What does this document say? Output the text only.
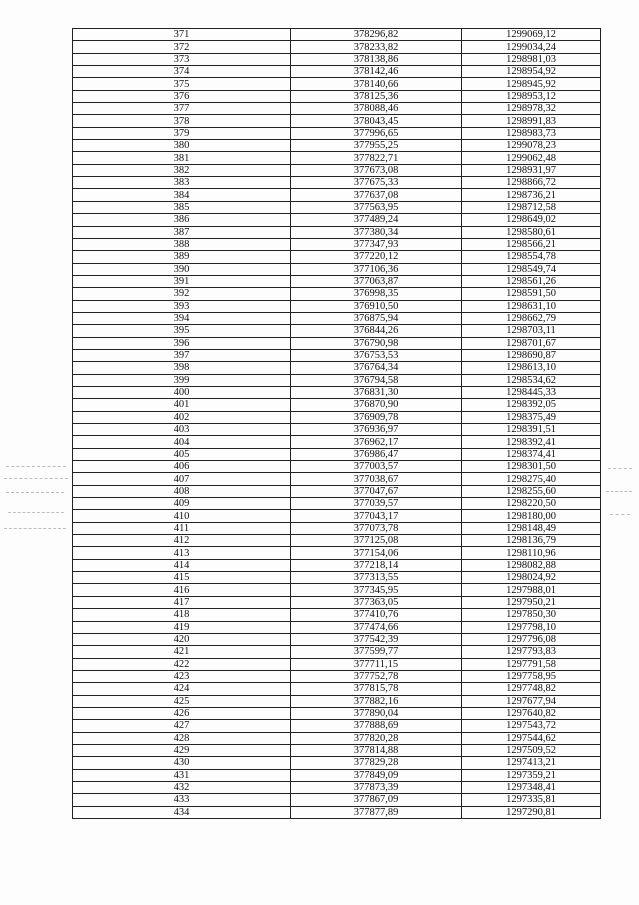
371	378296,82	1299069,12
372	378233,82	1299034,24
373	378138,86	1298981,03
374	378142,46	1298954,92
375	378140,66	1298945,92
376	378125,36	1298953,12
377	378088,46	1298978,32
378	378043,45	1298991,83
379	377996,65	1298983,73
380	377955,25	1299078,23
381	377822,71	1299062,48
382	377673,08	1298931,97
383	377675,33	1298866,72
384	377637,08	1298736,21
385	377563,95	1298712,58
386	377489,24	1298649,02
387	377380,34	1298580,61
388	377347,93	1298566,21
389	377220,12	1298554,78
390	377106,36	1298549,74
391	377063,87	1298561,26
392	376998,35	1298591,50
393	376910,50	1298631,10
394	376875,94	1298662,79
395	376844,26	1298703,11
396	376790,98	1298701,67
397	376753,53	1298690,87
398	376764,34	1298613,10
399	376794,58	1298534,62
400	376831,30	1298445,33
401	376870,90	1298392,05
402	376909,78	1298375,49
403	376936,97	1298391,51
404	376962,17	1298392,41
405	376986,47	1298374,41
406	377003,57	1298301,50
407	377038,67	1298275,40
408	377047,67	1298255,60
409	377039,57	1298220,50
410	377043,17	1298180,00
411	377073,78	1298148,49
412	377125,08	1298136,79
413	377154,06	1298110,96
414	377218,14	1298082,88
415	377313,55	1298024,92
416	377345,95	1297988,01
417	377363,05	1297950,21
418	377410,76	1297850,30
419	377474,66	1297798,10
420	377542,39	1297796,08
421	377599,77	1297793,83
422	377711,15	1297791,58
423	377752,78	1297758,95
424	377815,78	1297748,82
425	377882,16	1297677,94
426	377890,04	1297640,82
427	377888,69	1297543,72
428	377820,28	1297544,62
429	377814,88	1297509,52
430	377829,28	1297413,21
431	377849,09	1297359,21
432	377873,39	1297348,41
433	377867,09	1297335,81
434	377877,89	1297290,81
